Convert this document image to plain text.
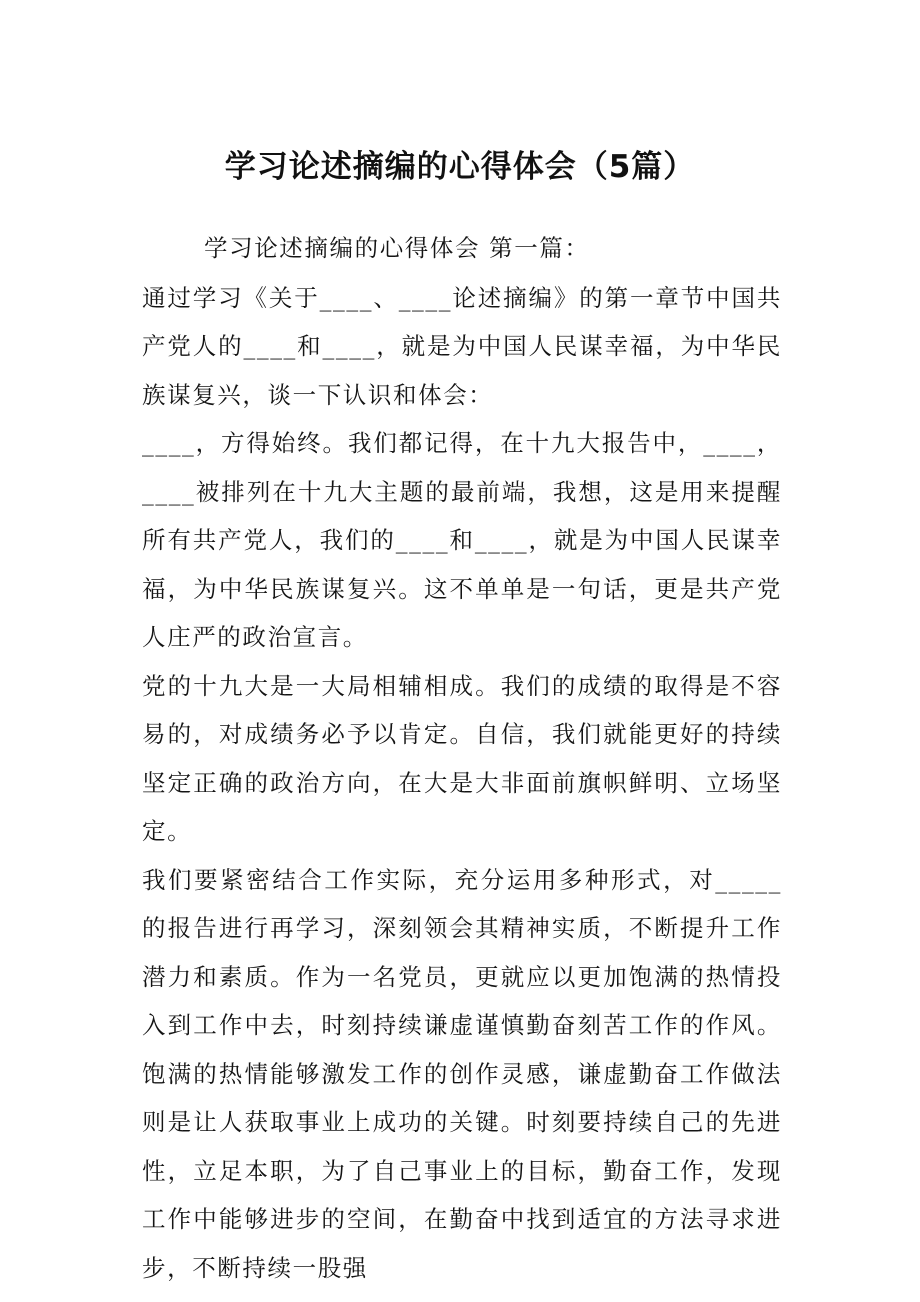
学习论述摘编的心得体会（5篇）

学习论述摘编的心得体会 第一篇：

通过学习《关于____、____论述摘编》的第一章节中国共产党人的____和____，就是为中国人民谋幸福，为中华民族谋复兴，谈一下认识和体会：

____，方得始终。我们都记得，在十九大报告中，____，____被排列在十九大主题的最前端，我想，这是用来提醒所有共产党人，我们的____和____，就是为中国人民谋幸福，为中华民族谋复兴。这不单单是一句话，更是共产党人庄严的政治宣言。

党的十九大是一大局相辅相成。我们的成绩的取得是不容易的，对成绩务必予以肯定。自信，我们就能更好的持续坚定正确的政治方向，在大是大非面前旗帜鲜明、立场坚定。

我们要紧密结合工作实际，充分运用多种形式，对_____的报告进行再学习，深刻领会其精神实质，不断提升工作潜力和素质。作为一名党员，更就应以更加饱满的热情投入到工作中去，时刻持续谦虚谨慎勤奋刻苦工作的作风。饱满的热情能够激发工作的创作灵感，谦虚勤奋工作做法则是让人获取事业上成功的关键。时刻要持续自己的先进性，立足本职，为了自己事业上的目标，勤奋工作，发现工作中能够进步的空间，在勤奋中找到适宜的方法寻求进步，不断持续一股强
